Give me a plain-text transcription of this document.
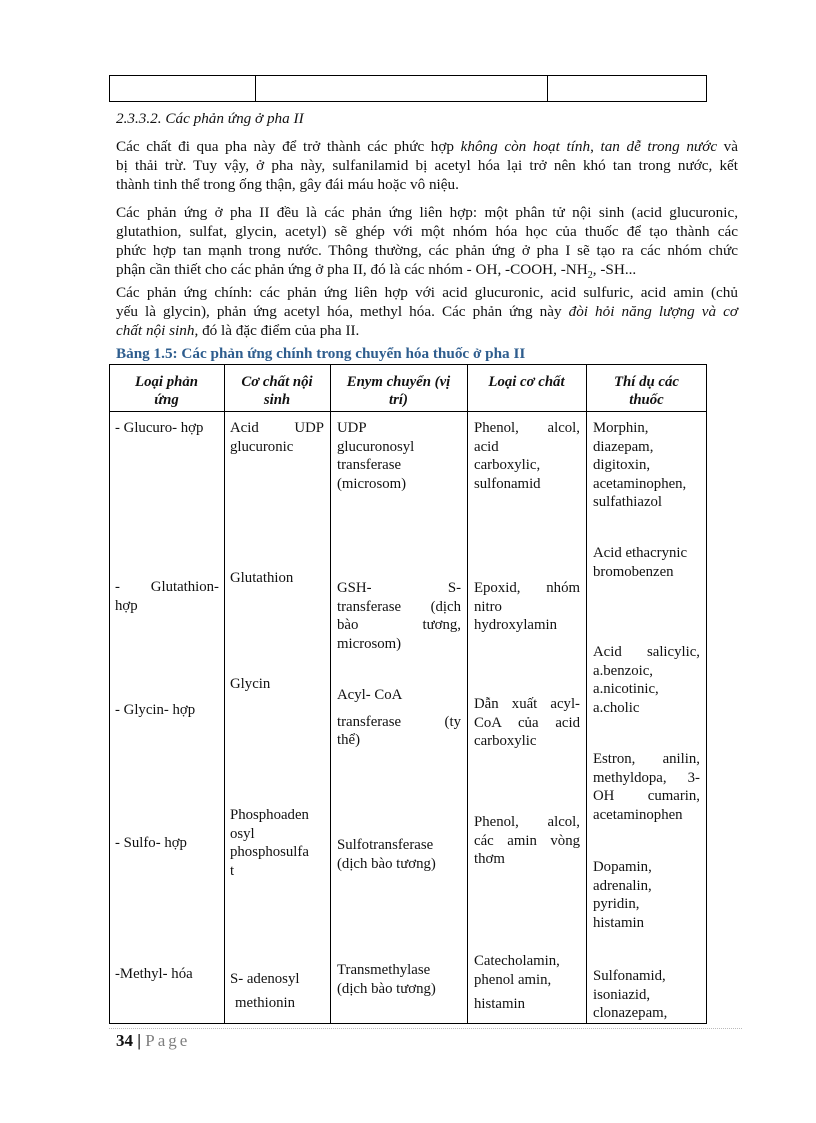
2.3.3.2. Các phản ứng ở pha II

Các chất đi qua pha này để trở thành các phức hợp không còn hoạt tính, tan dễ trong nước và
bị thải trừ. Tuy vậy, ở pha này, sulfanilamid bị acetyl hóa lại trở nên khó tan trong nước, kết
thành tinh thể trong ống thận, gây đái máu hoặc vô niệu.

Các phản ứng ở pha II đều là các phản ứng liên hợp: một phân tử nội sinh (acid glucuronic,
glutathion, sulfat, glycin, acetyl) sẽ ghép với một nhóm hóa học của thuốc để tạo thành các
phức hợp tan mạnh trong nước. Thông thường, các phản ứng ở pha I sẽ tạo ra các nhóm chức
phận cần thiết cho các phản ứng ở pha II, đó là các nhóm - OH, -COOH, $-NH_2$, -SH...

Các phản ứng chính: các phản ứng liên hợp với acid glucuronic, acid sulfuric, acid amin (chủ
yếu là glycin), phản ứng acetyl hóa, methyl hóa. Các phản ứng này đòi hỏi năng lượng và cơ
chất nội sinh, đó là đặc điểm của pha II.

Bảng 1.5: Các phản ứng chính trong chuyển hóa thuốc ở pha II

Loại phản
ứng
Cơ chất nội
sinh
Enym chuyển (vị
trí)
Loại cơ chất	Thí dụ các
thuốc
- Glucuro- hợp
- Glutathion-
hợp
- Glycin- hợp
- Sulfo- hợp
-Methyl- hóa
Acid UDP
glucuronic
Glutathion
Glycin
Phosphoaden
osyl
phosphosulfa
t
S- adenosyl
methionin
UDP
glucuronosyl
transferase
(microsom)
GSH- S-
transferase (dịch
bào tương,
microsom)
Acyl- CoA
transferase (ty
thể)
Sulfotransferase
(dịch bào tương)
Transmethylase
(dịch bào tương)
Phenol, alcol,
acid
carboxylic,
sulfonamid
Epoxid, nhóm
nitro
hydroxylamin
Dẫn xuất acyl-
CoA của acid
carboxylic
Phenol, alcol,
các amin vòng
thơm
Catecholamin,
phenol amin,
histamin
Morphin,
diazepam,
digitoxin,
acetaminophen,
sulfathiazol
Acid ethacrynic
bromobenzen
Acid salicylic,
a.benzoic,
a.nicotinic,
a.cholic
Estron, anilin,
methyldopa, 3-
OH cumarin,
acetaminophen
Dopamin,
adrenalin,
pyridin,
histamin
Sulfonamid,
isoniazid,
clonazepam,
34 | Page
